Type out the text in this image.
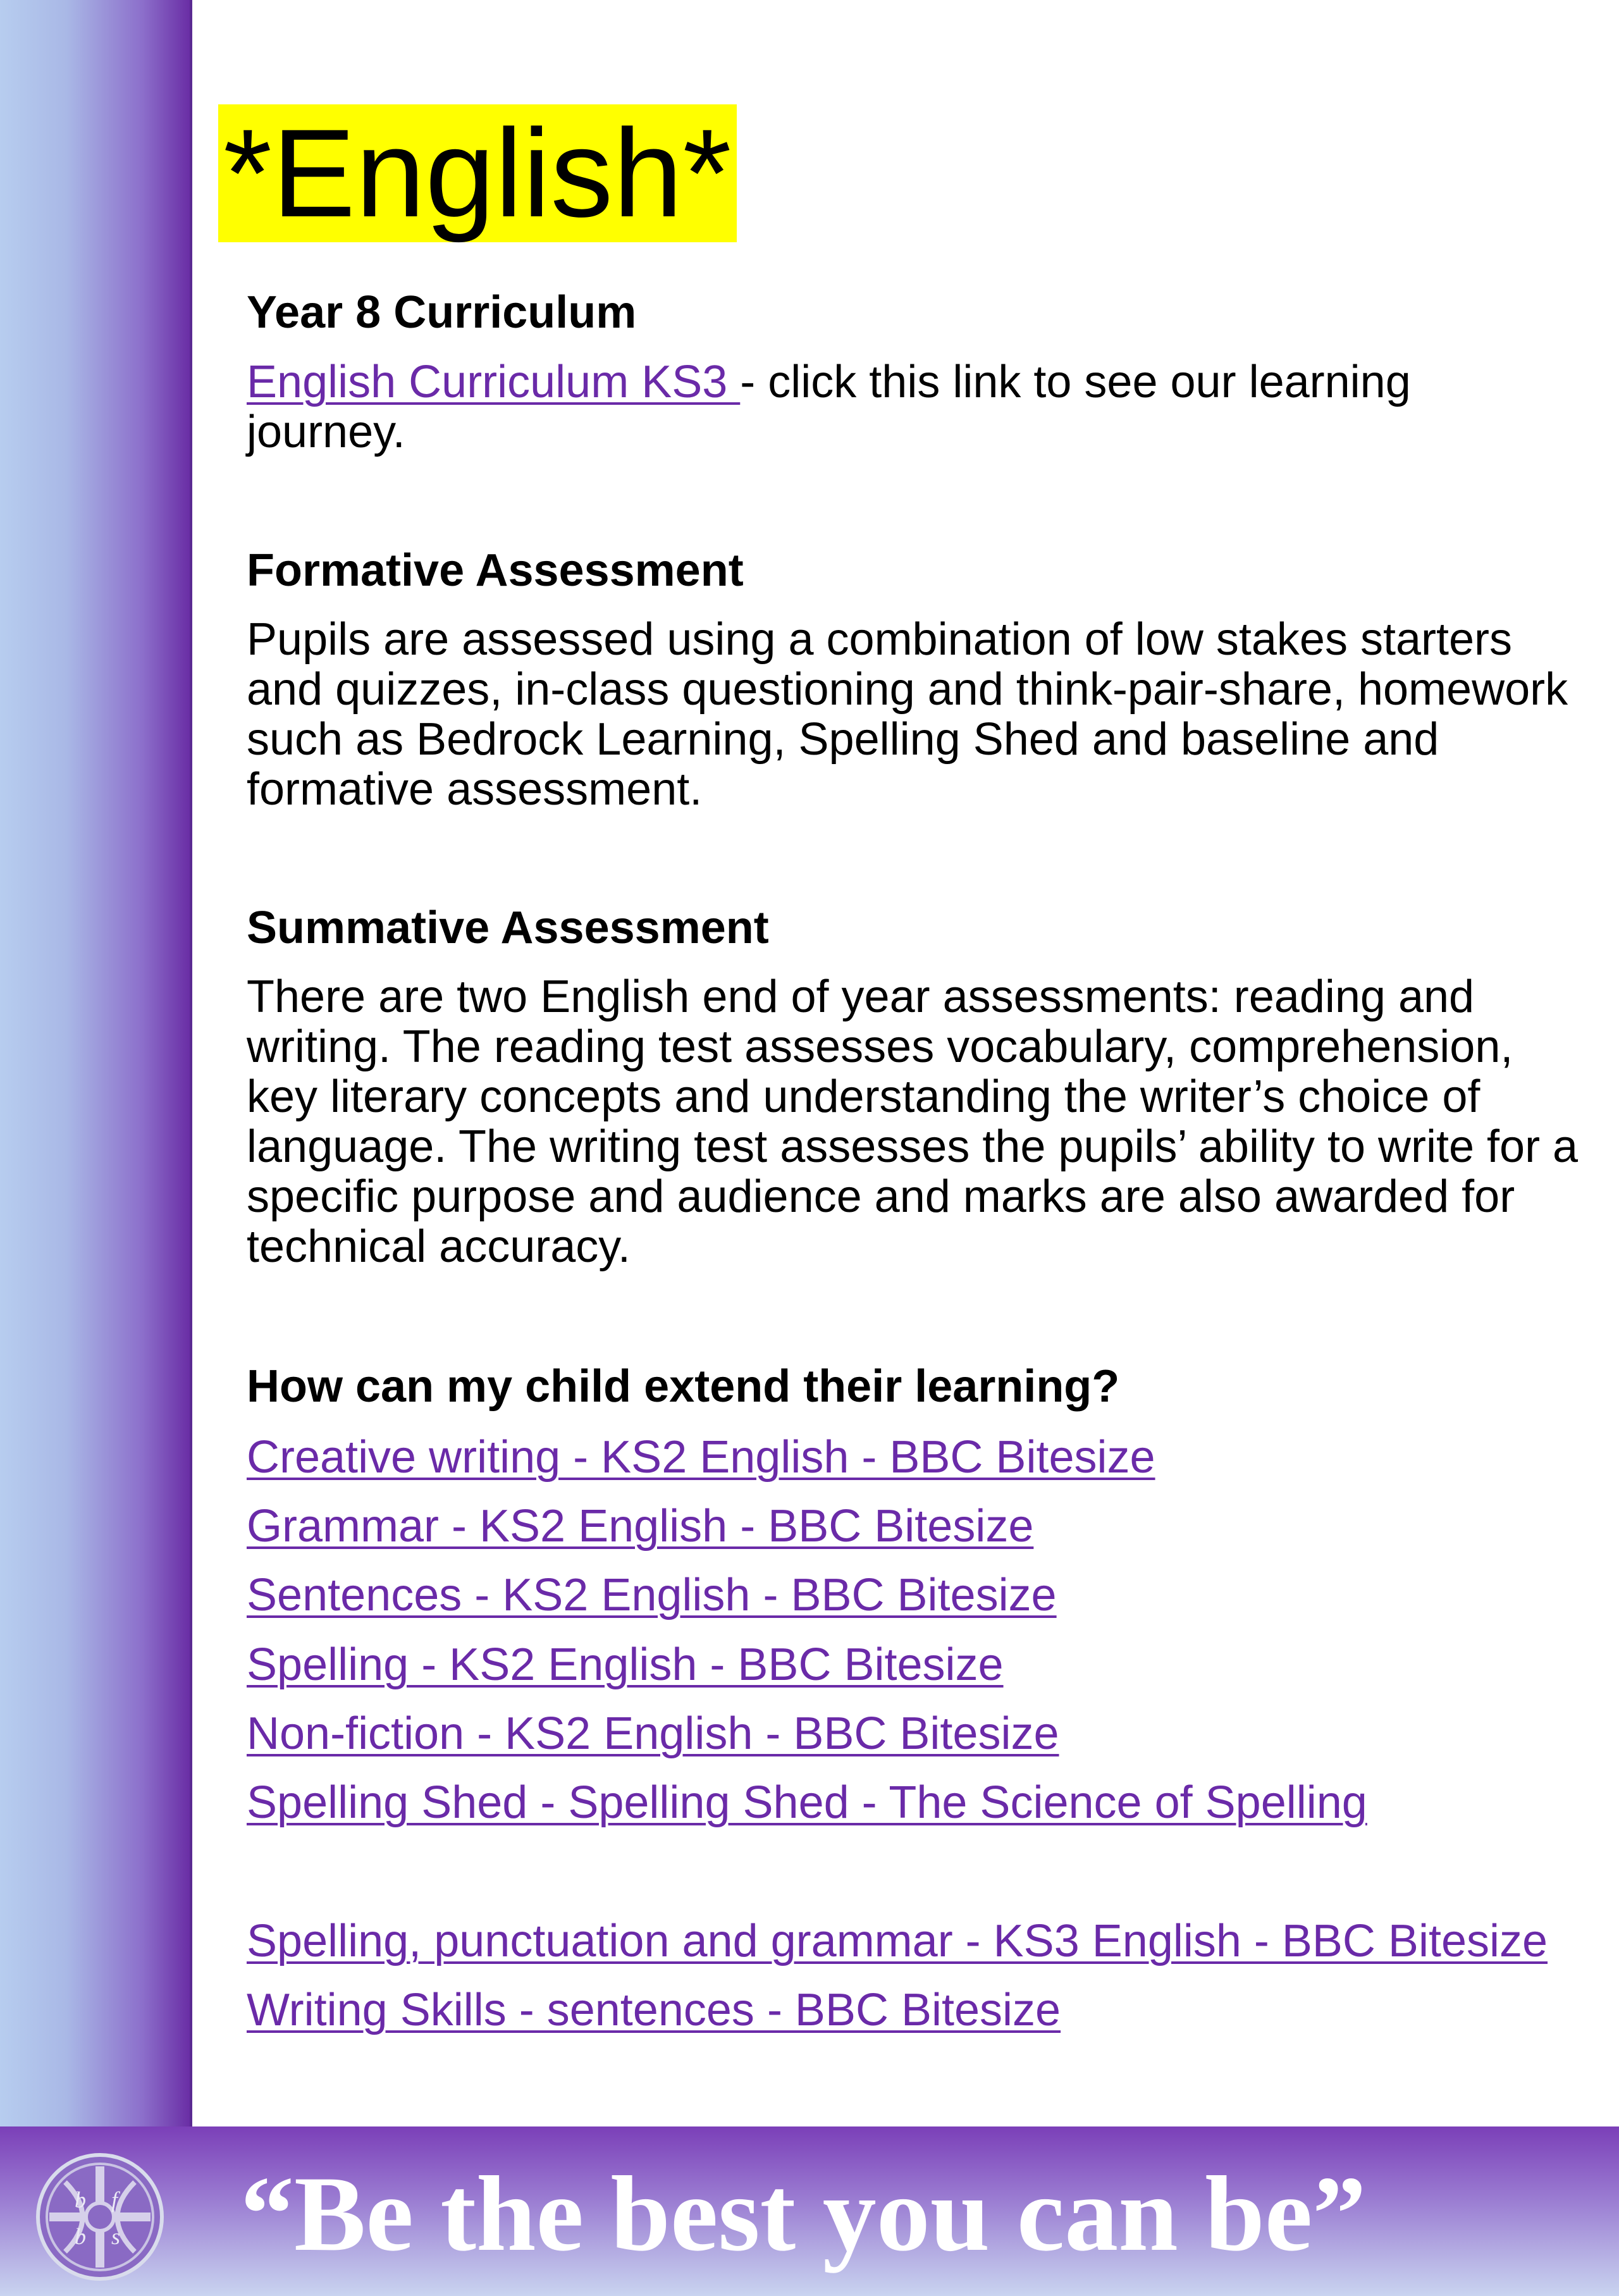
*English*
Year 8 Curriculum

English Curriculum KS3 - click this link to see our learning journey.

Formative Assessment

Pupils are assessed using a combination of low stakes starters and quizzes, in-class questioning and think-pair-share, homework such as Bedrock Learning, Spelling Shed and baseline and formative assessment.

Summative Assessment

There are two English end of year assessments: reading and writing. The reading test assesses vocabulary, comprehension, key literary concepts and understanding the writer’s choice of language. The writing test assesses the pupils’ ability to write for a specific purpose and audience and marks are also awarded for technical accuracy.

How can my child extend their learning?
Creative writing - KS2 English - BBC Bitesize
Grammar - KS2 English - BBC Bitesize
Sentences - KS2 English - BBC Bitesize
Spelling - KS2 English - BBC Bitesize
Non-fiction - KS2 English - BBC Bitesize
Spelling Shed - Spelling Shed - The Science of Spelling
Spelling, punctuation and grammar - KS3 English - BBC Bitesize
Writing Skills - sentences - BBC Bitesize
b f
b s “Be the best you can be”
